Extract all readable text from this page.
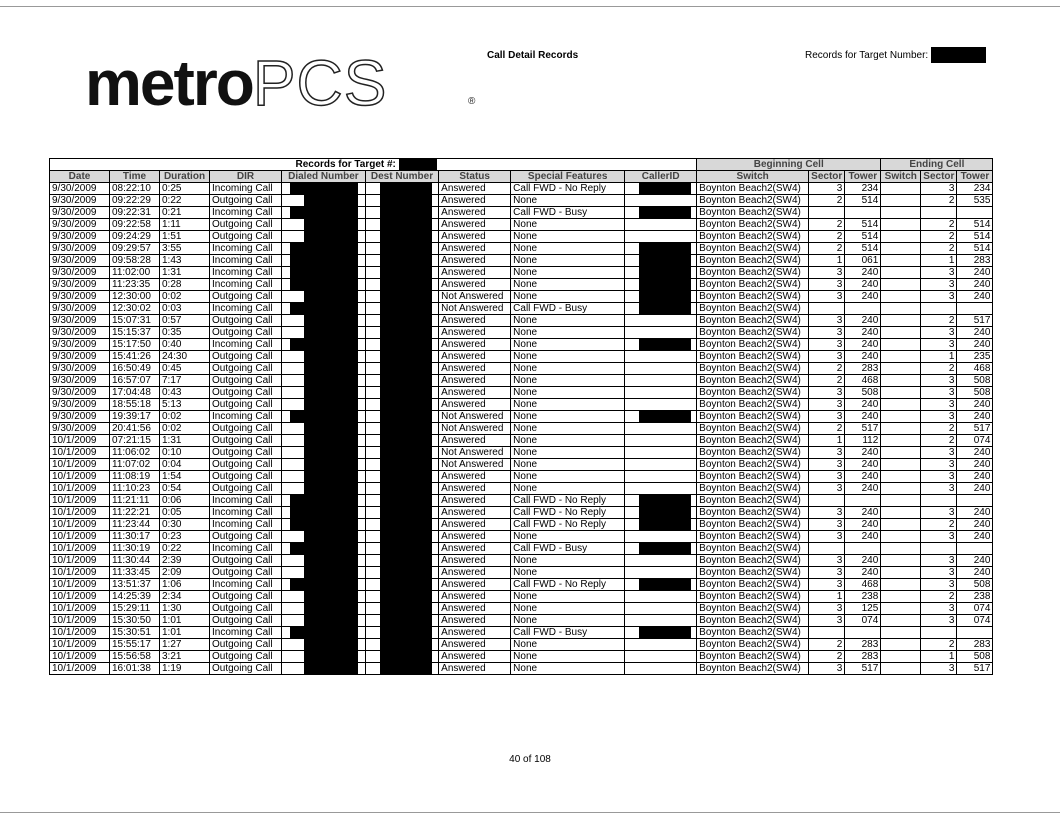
metroPCS	®
Call Detail Records	Records for Target Number:
				Records for Target #:					Beginning Cell			Ending Cell		
Date	Time	Duration	DIR	Dialed Number	Dest Number	Status	Special Features	CallerID	Switch	Sector	Tower	Switch	Sector	Tower
9/30/2009	08:22:10	0:25	Incoming Call			Answered	Call FWD - No Reply		Boynton Beach2(SW4)	3	234		3	234
9/30/2009	09:22:29	0:22	Outgoing Call			Answered	None		Boynton Beach2(SW4)	2	514		2	535
9/30/2009	09:22:31	0:21	Incoming Call			Answered	Call FWD - Busy		Boynton Beach2(SW4)					
9/30/2009	09:22:58	1:11	Outgoing Call			Answered	None		Boynton Beach2(SW4)	2	514		2	514
9/30/2009	09:24:29	1:51	Outgoing Call			Answered	None		Boynton Beach2(SW4)	2	514		2	514
9/30/2009	09:29:57	3:55	Incoming Call			Answered	None		Boynton Beach2(SW4)	2	514		2	514
9/30/2009	09:58:28	1:43	Incoming Call			Answered	None		Boynton Beach2(SW4)	1	061		1	283
9/30/2009	11:02:00	1:31	Incoming Call			Answered	None		Boynton Beach2(SW4)	3	240		3	240
9/30/2009	11:23:35	0:28	Incoming Call			Answered	None		Boynton Beach2(SW4)	3	240		3	240
9/30/2009	12:30:00	0:02	Outgoing Call			Not Answered	None		Boynton Beach2(SW4)	3	240		3	240
9/30/2009	12:30:02	0:03	Incoming Call			Not Answered	Call FWD - Busy		Boynton Beach2(SW4)					
9/30/2009	15:07:31	0:57	Outgoing Call			Answered	None		Boynton Beach2(SW4)	3	240		2	517
9/30/2009	15:15:37	0:35	Outgoing Call			Answered	None		Boynton Beach2(SW4)	3	240		3	240
9/30/2009	15:17:50	0:40	Incoming Call			Answered	None		Boynton Beach2(SW4)	3	240		3	240
9/30/2009	15:41:26	24:30	Outgoing Call			Answered	None		Boynton Beach2(SW4)	3	240		1	235
9/30/2009	16:50:49	0:45	Outgoing Call			Answered	None		Boynton Beach2(SW4)	2	283		2	468
9/30/2009	16:57:07	7:17	Outgoing Call			Answered	None		Boynton Beach2(SW4)	2	468		3	508
9/30/2009	17:04:48	0:43	Outgoing Call			Answered	None		Boynton Beach2(SW4)	3	508		3	508
9/30/2009	18:55:18	5:13	Outgoing Call			Answered	None		Boynton Beach2(SW4)	3	240		3	240
9/30/2009	19:39:17	0:02	Incoming Call			Not Answered	None		Boynton Beach2(SW4)	3	240		3	240
9/30/2009	20:41:56	0:02	Outgoing Call			Not Answered	None		Boynton Beach2(SW4)	2	517		2	517
10/1/2009	07:21:15	1:31	Outgoing Call			Answered	None		Boynton Beach2(SW4)	1	112		2	074
10/1/2009	11:06:02	0:10	Outgoing Call			Not Answered	None		Boynton Beach2(SW4)	3	240		3	240
10/1/2009	11:07:02	0:04	Outgoing Call			Not Answered	None		Boynton Beach2(SW4)	3	240		3	240
10/1/2009	11:08:19	1:54	Outgoing Call			Answered	None		Boynton Beach2(SW4)	3	240		3	240
10/1/2009	11:10:23	0:54	Outgoing Call			Answered	None		Boynton Beach2(SW4)	3	240		3	240
10/1/2009	11:21:11	0:06	Incoming Call			Answered	Call FWD - No Reply		Boynton Beach2(SW4)					
10/1/2009	11:22:21	0:05	Incoming Call			Answered	Call FWD - No Reply		Boynton Beach2(SW4)	3	240		3	240
10/1/2009	11:23:44	0:30	Incoming Call			Answered	Call FWD - No Reply		Boynton Beach2(SW4)	3	240		2	240
10/1/2009	11:30:17	0:23	Outgoing Call			Answered	None		Boynton Beach2(SW4)	3	240		3	240
10/1/2009	11:30:19	0:22	Incoming Call			Answered	Call FWD - Busy		Boynton Beach2(SW4)					
10/1/2009	11:30:44	2:39	Outgoing Call			Answered	None		Boynton Beach2(SW4)	3	240		3	240
10/1/2009	11:33:45	2:09	Outgoing Call			Answered	None		Boynton Beach2(SW4)	3	240		3	240
10/1/2009	13:51:37	1:06	Incoming Call			Answered	Call FWD - No Reply		Boynton Beach2(SW4)	3	468		3	508
10/1/2009	14:25:39	2:34	Outgoing Call			Answered	None		Boynton Beach2(SW4)	1	238		2	238
10/1/2009	15:29:11	1:30	Outgoing Call			Answered	None		Boynton Beach2(SW4)	3	125		3	074
10/1/2009	15:30:50	1:01	Outgoing Call			Answered	None		Boynton Beach2(SW4)	3	074		3	074
10/1/2009	15:30:51	1:01	Incoming Call			Answered	Call FWD - Busy		Boynton Beach2(SW4)					
10/1/2009	15:55:17	1:27	Outgoing Call			Answered	None		Boynton Beach2(SW4)	2	283		2	283
10/1/2009	15:56:58	3:21	Outgoing Call			Answered	None		Boynton Beach2(SW4)	2	283		1	508
10/1/2009	16:01:38	1:19	Outgoing Call			Answered	None		Boynton Beach2(SW4)	3	517		3	517
40 of 108
